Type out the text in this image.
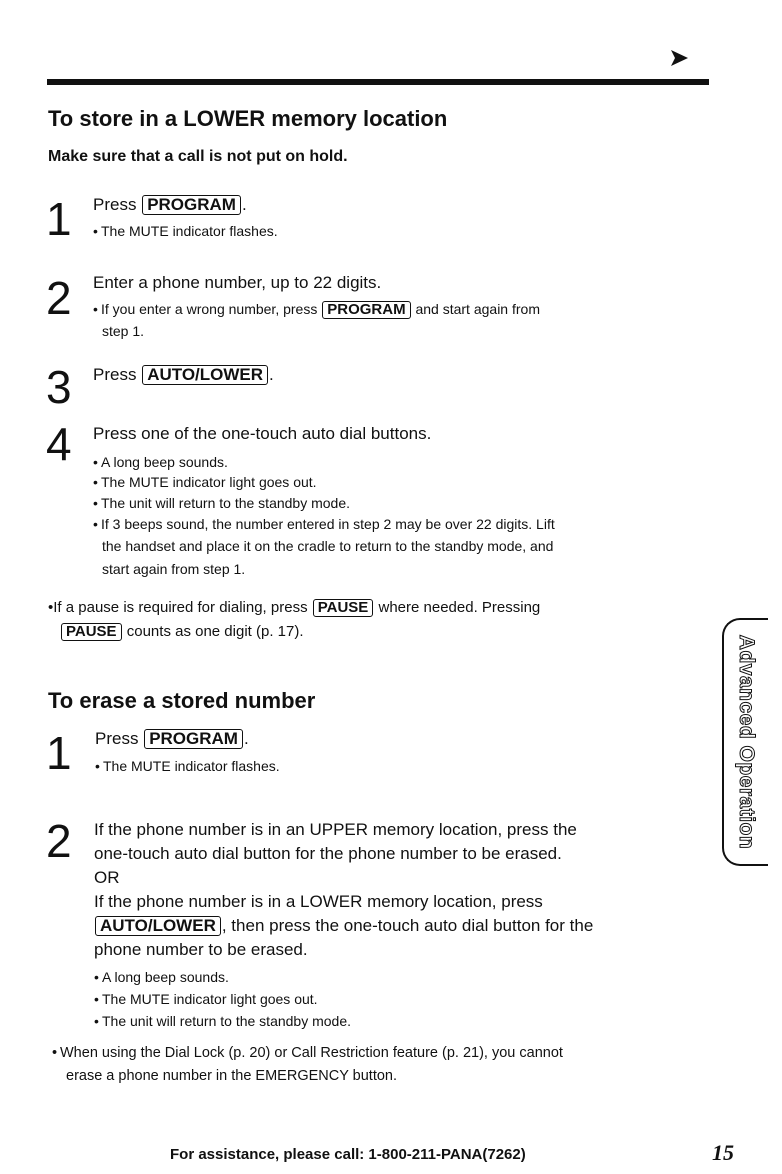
To store in a LOWER memory location
Make sure that a call is not put on hold.
1 Press PROGRAM .
• The MUTE indicator flashes.
2 Enter a phone number, up to 22 digits.
• If you enter a wrong number, press PROGRAM and start again from
step 1.
3 Press AUTO/LOWER .
4 Press one of the one-touch auto dial buttons.
• A long beep sounds.
• The MUTE indicator light goes out.
• The unit will return to the standby mode.
• If 3 beeps sound, the number entered in step 2 may be over 22 digits. Lift
the handset and place it on the cradle to return to the standby mode, and
start again from step 1.
•If a pause is required for dialing, press PAUSE where needed. Pressing
PAUSE counts as one digit (p. 17).
To erase a stored number
1 Press PROGRAM .
• The MUTE indicator flashes.
2 If the phone number is in an UPPER memory location, press the
one-touch auto dial button for the phone number to be erased.
OR
If the phone number is in a LOWER memory location, press
AUTO/LOWER , then press the one-touch auto dial button for the
phone number to be erased.
• A long beep sounds.
• The MUTE indicator light goes out.
• The unit will return to the standby mode.
• When using the Dial Lock (p. 20) or Call Restriction feature (p. 21), you cannot
erase a phone number in the EMERGENCY button.
Advanced Operation
For assistance, please call: 1-800-211-PANA(7262)	15
